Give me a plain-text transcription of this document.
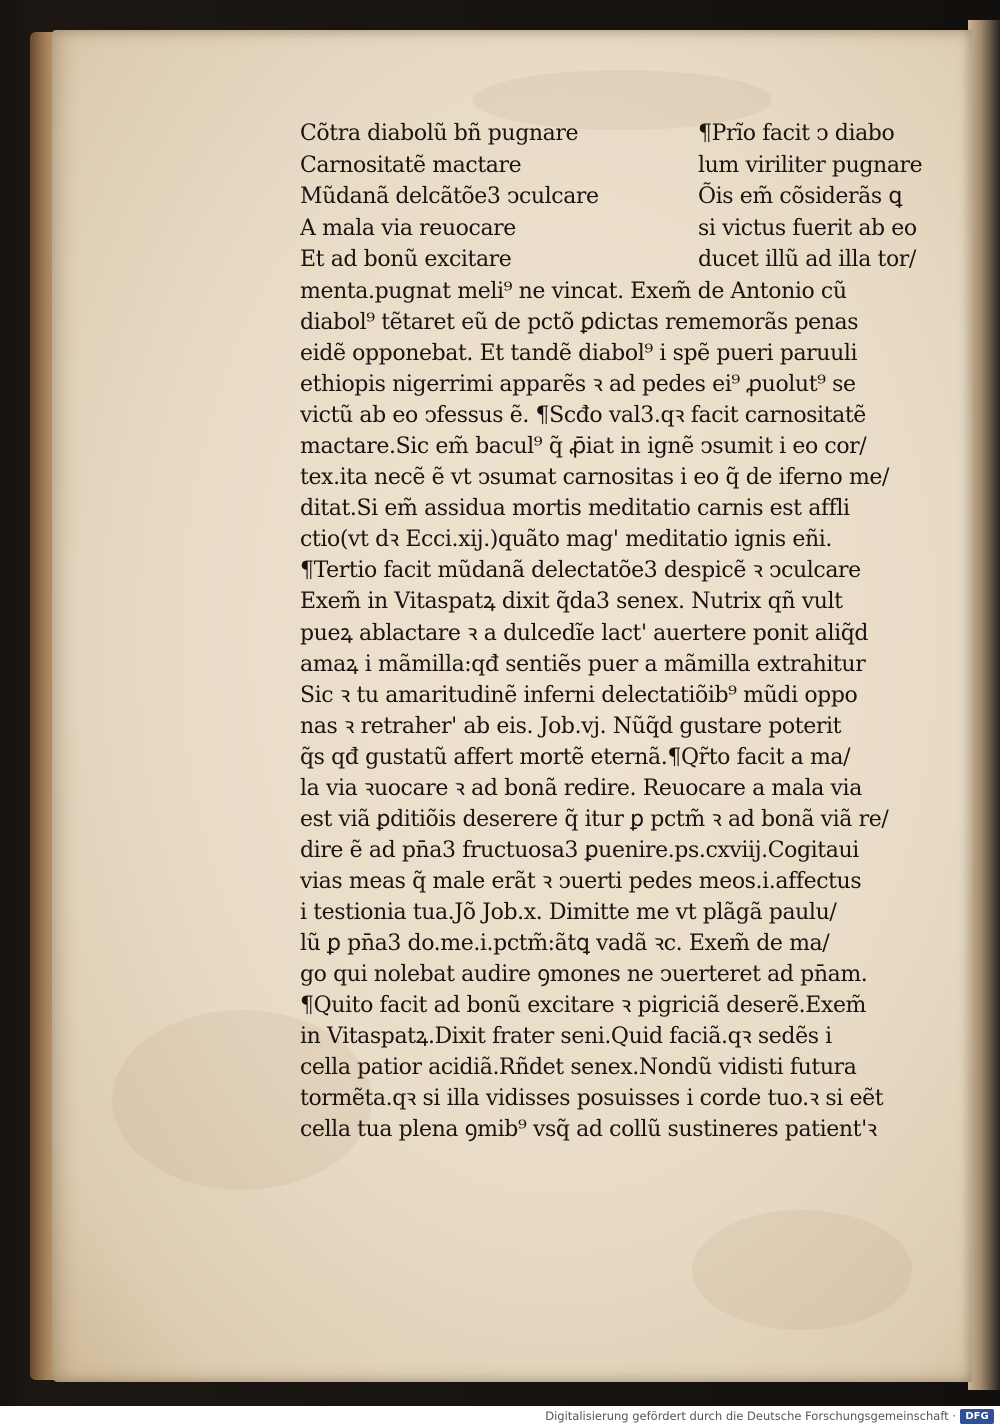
Cõtra diabolũ bñ pugnare
Carnositatẽ mactare
Mũdanã delcãtõe3 ↄculcare
A mala via reuocare
Et ad bonũ excitare
¶Prĩo facit ↄ diabo
lum viriliter pugnare
Õis em̃ cõsiderãs ꝗ
si victus fuerit ab eo
ducet illũ ad illa tor/
menta.pugnat meli⁹ ne vincat. Exem̃ de Antonio cũ
diabol⁹ tẽtaret eũ de pctõ ꝑdictas rememorãs penas
eidẽ opponebat. Et tandẽ diabol⁹ i spẽ pueri paruuli
ethiopis nigerrimi apparẽs ꝛ ad pedes ei⁹ ꝓuolut⁹ se
victũ ab eo ↄfessus ẽ. ¶Scđo val3.qꝛ facit carnositatẽ
mactare.Sic em̃ bacul⁹ q̃ ꝓ̄iat in ignẽ ↄsumit i eo cor/
tex.ita necẽ ẽ vt ↄsumat carnositas i eo q̃ de iferno me/
ditat.Si em̃ assidua mortis meditatio carnis est affli
ctio(vt dꝛ Ecci.xij.)quãto mag' meditatio ignis eñi.
¶Tertio facit mũdanã delectatõe3 despicẽ ꝛ ↄculcare
Exem̃ in Vitaspatꝝ dixit q̃da3 senex. Nutrix qñ vult
pueꝝ ablactare ꝛ a dulcedĩe lact' auertere ponit aliq̃d
amaꝝ i mãmilla:qđ sentiẽs puer a mãmilla extrahitur
Sic ꝛ tu amaritudinẽ inferni delectatiõib⁹ mũdi oppo
nas ꝛ retraher' ab eis. Job.vj. Nũq̃d gustare poterit
q̃s qđ gustatũ affert mortẽ eternã.¶Qr̃to facit a ma/
la via ꝛuocare ꝛ ad bonã redire. Reuocare a mala via
est viã ꝑditiõis deserere q̃ itur ꝑ pctm̃ ꝛ ad bonã viã re/
dire ẽ ad pn̄a3 fructuosa3 ꝑuenire.ps.cxviij.Cogitaui
vias meas q̃ male erãt ꝛ ↄuerti pedes meos.i.affectus
i testionia tua.Jõ Job.x. Dimitte me vt plãgã paulu/
lũ ꝑ pn̄a3 do.me.i.pctm̃:ãtꝗ vadã ꝛc. Exem̃ de ma/
go qui nolebat audire ꝯmones ne ↄuerteret ad pn̄am.
¶Quito facit ad bonũ excitare ꝛ pigriciã deserẽ.Exem̃
in Vitaspatꝝ.Dixit frater seni.Quid faciã.qꝛ sedẽs i
cella patior acidiã.Rñdet senex.Nondũ vidisti futura
tormẽta.qꝛ si illa vidisses posuisses i corde tuo.ꝛ si eẽt
cella tua plena ꝯmib⁹ vsq̃ ad collũ sustineres patient'ꝛ
Digitalisierung gefördert durch die Deutsche Forschungsgemeinschaft · DFG
